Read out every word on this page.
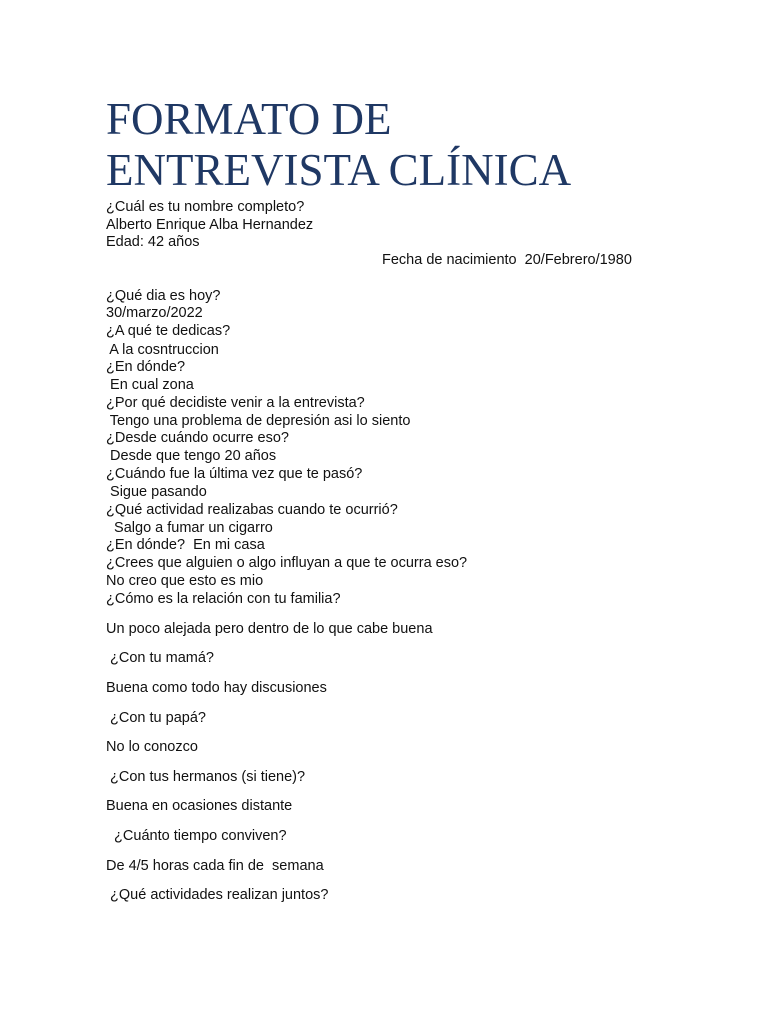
FORMATO DE
ENTREVISTA CLÍNICA

¿Cuál es tu nombre completo?

Alberto Enrique Alba Hernandez

Edad: 42 años

Fecha de nacimiento  20/Febrero/1980

¿Qué dia es hoy?

30/marzo/2022

¿A qué te dedicas?

A la cosntruccion

¿En dónde?

En cual zona

¿Por qué decidiste venir a la entrevista?

Tengo una problema de depresión asi lo siento

¿Desde cuándo ocurre eso?

Desde que tengo 20 años

¿Cuándo fue la última vez que te pasó?

Sigue pasando

¿Qué actividad realizabas cuando te ocurrió?

Salgo a fumar un cigarro

¿En dónde?  En mi casa

¿Crees que alguien o algo influyan a que te ocurra eso?

No creo que esto es mio

¿Cómo es la relación con tu familia?

Un poco alejada pero dentro de lo que cabe buena

¿Con tu mamá?

Buena como todo hay discusiones

¿Con tu papá?

No lo conozco

¿Con tus hermanos (si tiene)?

Buena en ocasiones distante

¿Cuánto tiempo conviven?

De 4/5 horas cada fin de  semana

¿Qué actividades realizan juntos?
